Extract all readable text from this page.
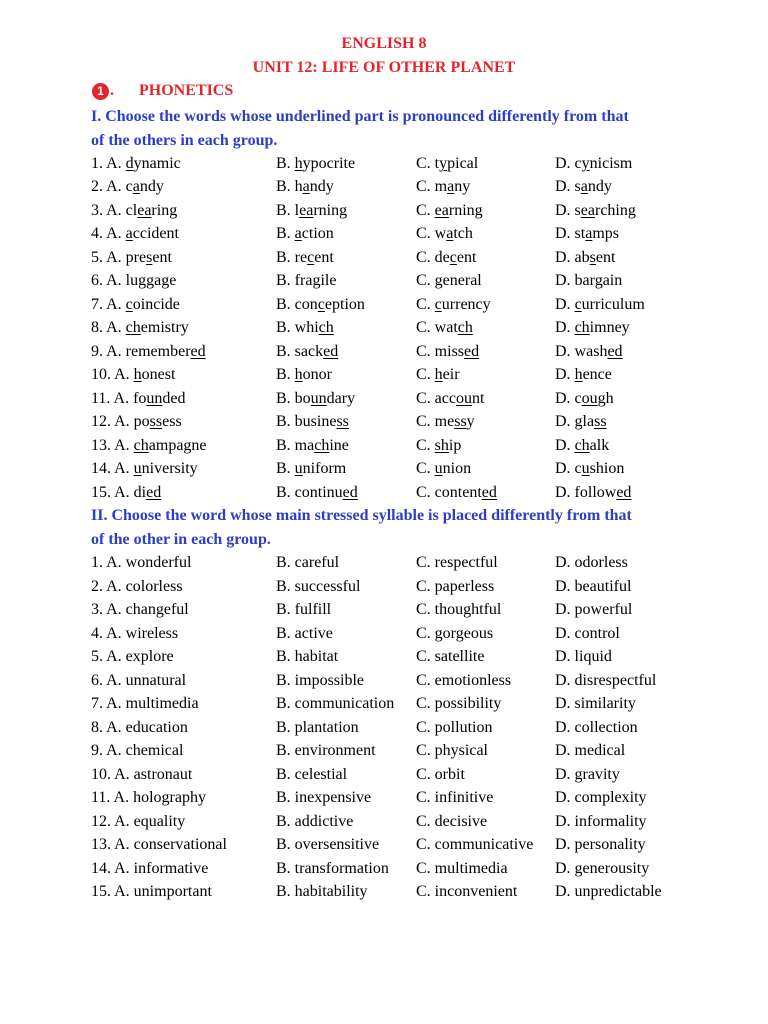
ENGLISH 8
UNIT 12: LIFE OF OTHER PLANET
1 . PHONETICS
I. Choose the words whose underlined part is pronounced differently from that
of the others in each group.
1. A. dynamic	B. hypocrite	C. typical	D. cynicism
2. A. candy	B. handy	C. many	D. sandy
3. A. clearing	B. learning	C. earning	D. searching
4. A. accident	B. action	C. watch	D. stamps
5. A. present	B. recent	C. decent	D. absent
6. A. luggage	B. fragile	C. general	D. bargain
7. A. coincide	B. conception	C. currency	D. curriculum
8. A. chemistry	B. which	C. watch	D. chimney
9. A. remembered	B. sacked	C. missed	D. washed
10. A. honest	B. honor	C. heir	D. hence
11. A. founded	B. boundary	C. account	D. cough
12. A. possess	B. business	C. messy	D. glass
13. A. champagne	B. machine	C. ship	D. chalk
14. A. university	B. uniform	C. union	D. cushion
15. A. died	B. continued	C. contented	D. followed
II. Choose the word whose main stressed syllable is placed differently from that
of the other in each group.
1. A. wonderful	B. careful	C. respectful	D. odorless
2. A. colorless	B. successful	C. paperless	D. beautiful
3. A. changeful	B. fulfill	C. thoughtful	D. powerful
4. A. wireless	B. active	C. gorgeous	D. control
5. A. explore	B. habitat	C. satellite	D. liquid
6. A. unnatural	B. impossible	C. emotionless	D. disrespectful
7. A. multimedia	B. communication C. possibility	D. similarity
8. A. education	B. plantation	C. pollution	D. collection
9. A. chemical	B. environment	C. physical	D. medical
10. A. astronaut	B. celestial	C. orbit	D. gravity
11. A. holography	B. inexpensive	C. infinitive	D. complexity
12. A. equality	B. addictive	C. decisive	D. informality
13. A. conservational	B. oversensitive C. communicative D. personality
14. A. informative	B. transformation C. multimedia	D. generousity
15. A. unimportant	B. habitability	C. inconvenient D. unpredictable
